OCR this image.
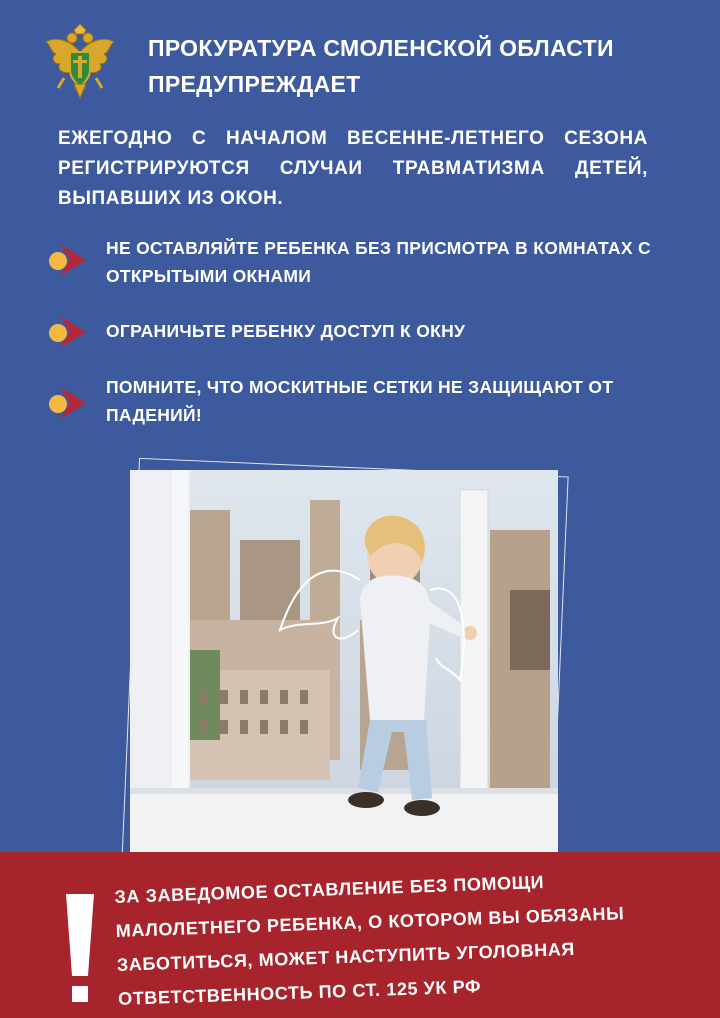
ПРОКУРАТУРА СМОЛЕНСКОЙ ОБЛАСТИ
ПРЕДУПРЕЖДАЕТ
ЕЖЕГОДНО С НАЧАЛОМ ВЕСЕННЕ-ЛЕТНЕГО СЕЗОНА РЕГИСТРИРУЮТСЯ СЛУЧАИ ТРАВМАТИЗМА ДЕТЕЙ, ВЫПАВШИХ ИЗ ОКОН.
НЕ ОСТАВЛЯЙТЕ РЕБЕНКА БЕЗ ПРИСМОТРА В КОМНАТАХ С ОТКРЫТЫМИ ОКНАМИ
ОГРАНИЧЬТЕ РЕБЕНКУ ДОСТУП К ОКНУ
ПОМНИТЕ, ЧТО МОСКИТНЫЕ СЕТКИ НЕ ЗАЩИЩАЮТ ОТ ПАДЕНИЙ!
ЗА ЗАВЕДОМОЕ ОСТАВЛЕНИЕ БЕЗ ПОМОЩИ
МАЛОЛЕТНЕГО РЕБЕНКА, О КОТОРОМ ВЫ ОБЯЗАНЫ
ЗАБОТИТЬСЯ, МОЖЕТ НАСТУПИТЬ УГОЛОВНАЯ
ОТВЕТСТВЕННОСТЬ ПО СТ. 125 УК РФ
